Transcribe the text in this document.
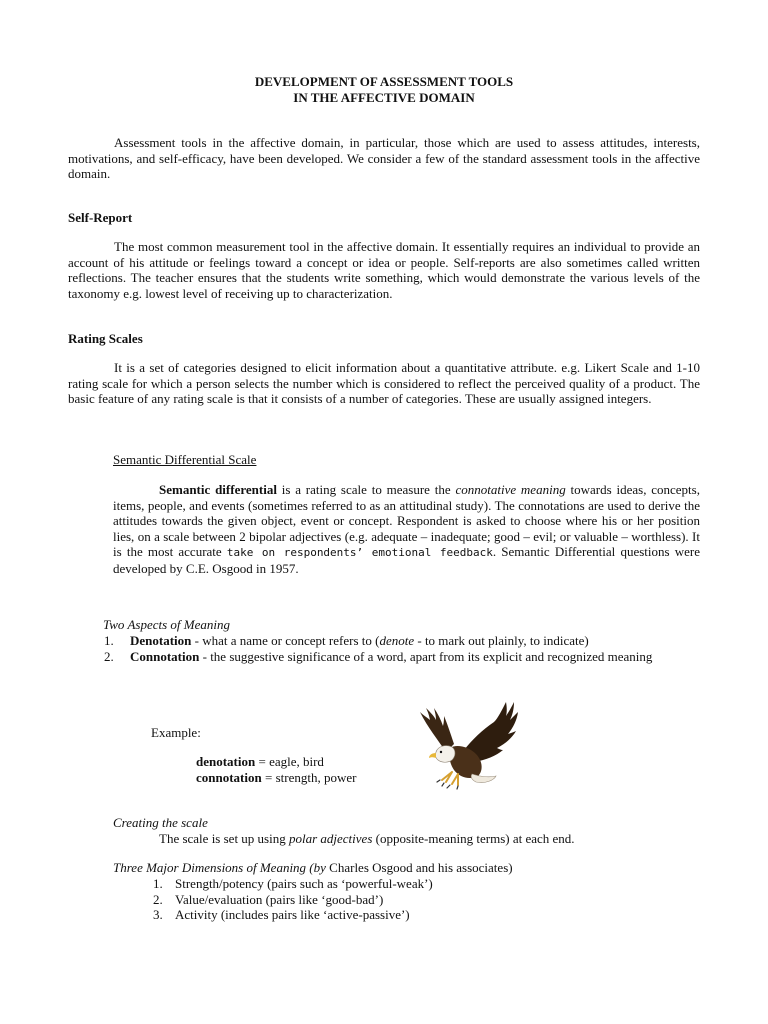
DEVELOPMENT OF ASSESSMENT TOOLS
IN THE AFFECTIVE DOMAIN
Assessment tools in the affective domain, in particular, those which are used to assess attitudes, interests, motivations, and self-efficacy, have been developed. We consider a few of the standard assessment tools in the affective domain.
Self-Report
The most common measurement tool in the affective domain. It essentially requires an individual to provide an account of his attitude or feelings toward a concept or idea or people. Self-reports are also sometimes called written reflections. The teacher ensures that the students write something, which would demonstrate the various levels of the taxonomy e.g. lowest level of receiving up to characterization.
Rating Scales
It is a set of categories designed to elicit information about a quantitative attribute. e.g. Likert Scale and 1-10 rating scale for which a person selects the number which is considered to reflect the perceived quality of a product. The basic feature of any rating scale is that it consists of a number of categories. These are usually assigned integers.
Semantic Differential Scale
Semantic differential is a rating scale to measure the connotative meaning towards ideas, concepts, items, people, and events (sometimes referred to as an attitudinal study). The connotations are used to derive the attitudes towards the given object, event or concept. Respondent is asked to choose where his or her position lies, on a scale between 2 bipolar adjectives (e.g. adequate – inadequate; good – evil; or valuable – worthless). It is the most accurate take on respondents’ emotional feedback. Semantic Differential questions were developed by C.E. Osgood in 1957.
Two Aspects of Meaning
1. Denotation - what a name or concept refers to (denote - to mark out plainly, to indicate)
2. Connotation - the suggestive significance of a word, apart from its explicit and recognized meaning
Example:
denotation = eagle, bird
connotation = strength, power
Creating the scale
The scale is set up using polar adjectives (opposite-meaning terms) at each end.
Three Major Dimensions of Meaning (by Charles Osgood and his associates)
1. Strength/potency (pairs such as ‘powerful-weak’)
2. Value/evaluation (pairs like ‘good-bad’)
3. Activity (includes pairs like ‘active-passive’)
